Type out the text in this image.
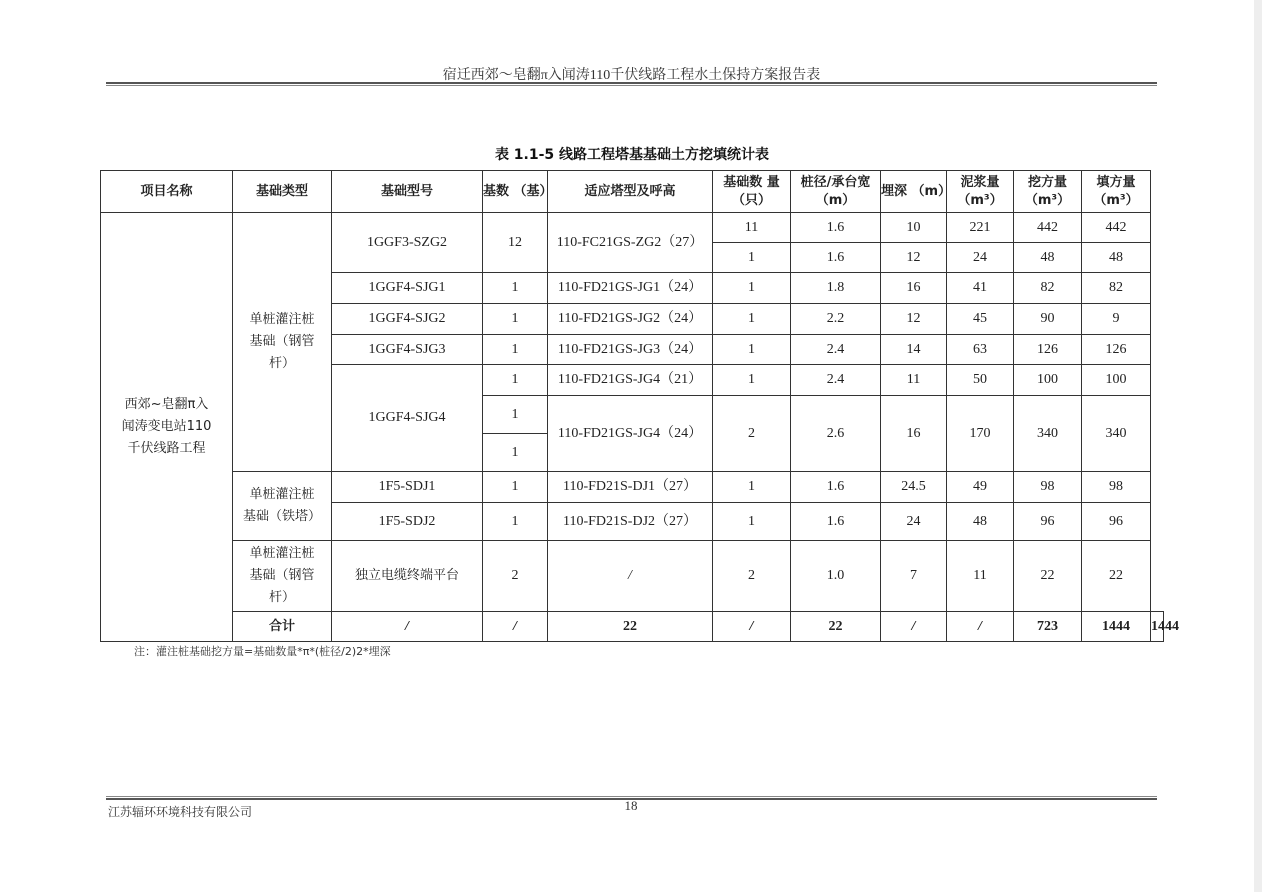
宿迁西郊～皂翻π入闻涛110千伏线路工程水土保持方案报告表
表 1.1-5 线路工程塔基基础土方挖填统计表
项目名称	基础类型	基础型号	基数 （基）	适应塔型及呼高	基础数 量（只）	桩径/承台宽 （m）	埋深 （m）	泥浆量 （m³）	挖方量 （m³）	填方量 （m³）	
西郊~皂翻π入
闻涛变电站110
千伏线路工程	单桩灌注桩
基础（钢管
杆）	1GGF3-SZG2	12	110-FC21GS-ZG2（27）	11	1.6	10	221	442	442	
					1	1.6	12	24	48	48	
		1GGF4-SJG1	1	110-FD21GS-JG1（24）	1	1.8	16	41	82	82	
		1GGF4-SJG2	1	110-FD21GS-JG2（24）	1	2.2	12	45	90	9	
		1GGF4-SJG3	1	110-FD21GS-JG3（24）	1	2.4	14	63	126	126	
		1GGF4-SJG4	1	110-FD21GS-JG4（21）	1	2.4	11	50	100	100	
			1	110-FD21GS-JG4（24）	2	2.6	16	170	340	340	
			1								
	单桩灌注桩
基础（铁塔）	1F5-SDJ1	1	110-FD21S-DJ1（27）	1	1.6	24.5	49	98	98	
		1F5-SDJ2	1	110-FD21S-DJ2（27）	1	1.6	24	48	96	96	
	单桩灌注桩
基础（钢管
杆）	独立电缆终端平台	2	/	2	1.0	7	11	22	22	
	合计	/	/	22	/	22	/	/	723	1444	1444
注：灌注桩基础挖方量=基础数量*π*(桩径/2)2*埋深
江苏辐环环境科技有限公司	18
